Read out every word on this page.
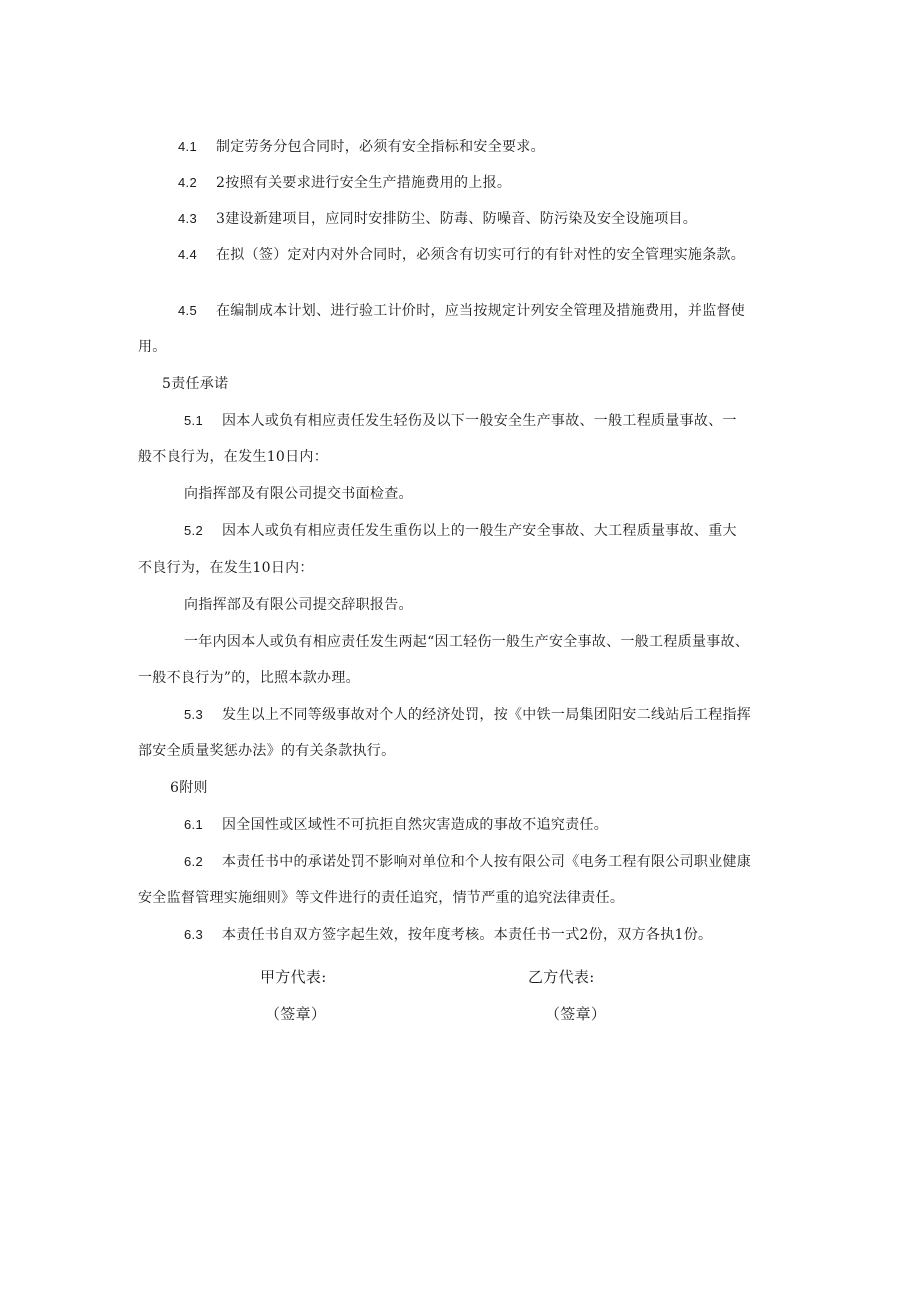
4.1 制定劳务分包合同时，必须有安全指标和安全要求。
4.2 2按照有关要求进行安全生产措施费用的上报。
4.3 3建设新建项目，应同时安排防尘、防毒、防噪音、防污染及安全设施项目。
4.4 在拟（签）定对内对外合同时，必须含有切实可行的有针对性的安全管理实施条款。
4.5 在编制成本计划、进行验工计价时，应当按规定计列安全管理及措施费用，并监督使
用。
5责任承诺
5.1 因本人或负有相应责任发生轻伤及以下一般安全生产事故、一般工程质量事故、一
般不良行为，在发生10日内：
向指挥部及有限公司提交书面检查。
5.2 因本人或负有相应责任发生重伤以上的一般生产安全事故、大工程质量事故、重大
不良行为，在发生10日内：
向指挥部及有限公司提交辞职报告。
一年内因本人或负有相应责任发生两起“因工轻伤一般生产安全事故、一般工程质量事故、
一般不良行为”的，比照本款办理。
5.3 发生以上不同等级事故对个人的经济处罚，按《中铁一局集团阳安二线站后工程指挥
部安全质量奖惩办法》的有关条款执行。
6附则
6.1 因全国性或区域性不可抗拒自然灾害造成的事故不追究责任。
6.2 本责任书中的承诺处罚不影响对单位和个人按有限公司《电务工程有限公司职业健康
安全监督管理实施细则》等文件进行的责任追究，情节严重的追究法律责任。
6.3 本责任书自双方签字起生效，按年度考核。本责任书一式2份，双方各执1份。
甲方代表:	乙方代表:
（签章）	（签章）
